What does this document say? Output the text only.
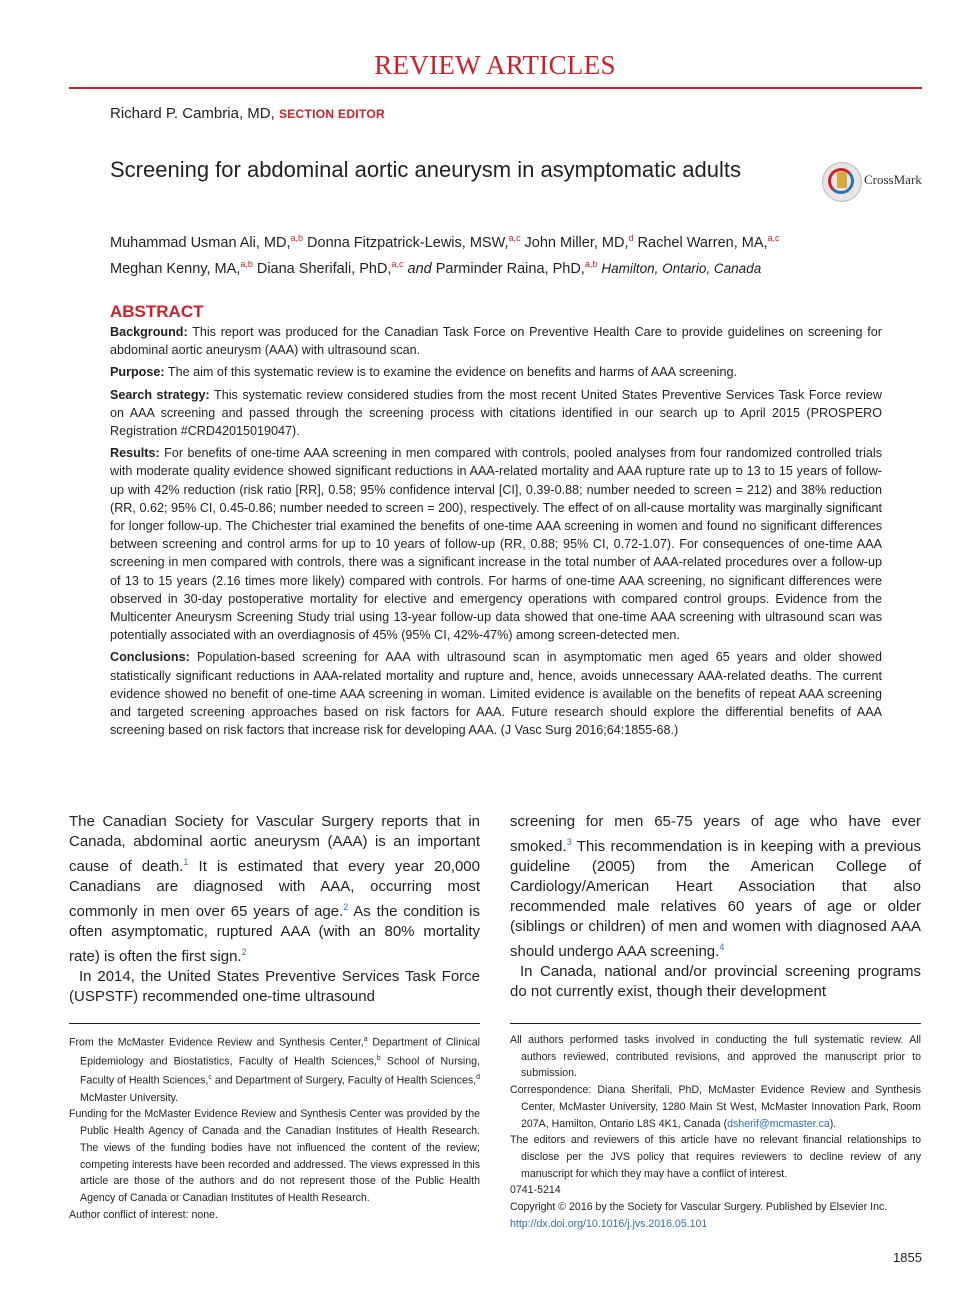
REVIEW ARTICLES
Richard P. Cambria, MD, SECTION EDITOR
Screening for abdominal aortic aneurysm in asymptomatic adults	CrossMark
Muhammad Usman Ali, MD,$^{a,b}$ Donna Fitzpatrick-Lewis, MSW,$^{a,c}$ John Miller, MD,$^d$ Rachel Warren, MA,$^{a,c}$
Meghan Kenny, MA,$^{a,b}$ Diana Sherifali, PhD,$^{a,c}$ and Parminder Raina, PhD,$^{a,b}$ Hamilton, Ontario, Canada
ABSTRACT

Background: This report was produced for the Canadian Task Force on Preventive Health Care to provide guidelines on screening for abdominal aortic aneurysm (AAA) with ultrasound scan.

Purpose: The aim of this systematic review is to examine the evidence on benefits and harms of AAA screening.

Search strategy: This systematic review considered studies from the most recent United States Preventive Services Task Force review on AAA screening and passed through the screening process with citations identified in our search up to April 2015 (PROSPERO Registration #CRD42015019047).

Results: For benefits of one-time AAA screening in men compared with controls, pooled analyses from four randomized controlled trials with moderate quality evidence showed significant reductions in AAA-related mortality and AAA rupture rate up to 13 to 15 years of follow-up with 42% reduction (risk ratio [RR], 0.58; 95% confidence interval [CI], 0.39-0.88; number needed to screen = 212) and 38% reduction (RR, 0.62; 95% CI, 0.45-0.86; number needed to screen = 200), respectively. The effect of on all-cause mortality was marginally significant for longer follow-up. The Chichester trial examined the benefits of one-time AAA screening in women and found no significant differences between screening and control arms for up to 10 years of follow-up (RR, 0.88; 95% CI, 0.72-1.07). For consequences of one-time AAA screening in men compared with controls, there was a significant increase in the total number of AAA-related procedures over a follow-up of 13 to 15 years (2.16 times more likely) compared with controls. For harms of one-time AAA screening, no significant differences were observed in 30-day postoperative mortality for elective and emergency operations with compared control groups. Evidence from the Multicenter Aneurysm Screening Study trial using 13-year follow-up data showed that one-time AAA screening with ultrasound scan was potentially associated with an overdiagnosis of 45% (95% CI, 42%-47%) among screen-detected men.

Conclusions: Population-based screening for AAA with ultrasound scan in asymptomatic men aged 65 years and older showed statistically significant reductions in AAA-related mortality and rupture and, hence, avoids unnecessary AAA-related deaths. The current evidence showed no benefit of one-time AAA screening in woman. Limited evidence is available on the benefits of repeat AAA screening and targeted screening approaches based on risk factors for AAA. Future research should explore the differential benefits of AAA screening based on risk factors that increase risk for developing AAA. (J Vasc Surg 2016;64:1855-68.)

The Canadian Society for Vascular Surgery reports that in Canada, abdominal aortic aneurysm (AAA) is an important cause of death.$^1$ It is estimated that every year 20,000 Canadians are diagnosed with AAA, occurring most commonly in men over 65 years of age.$^2$ As the condition is often asymptomatic, ruptured AAA (with an 80% mortality rate) is often the first sign.$^2$

In 2014, the United States Preventive Services Task Force (USPSTF) recommended one-time ultrasound

screening for men 65-75 years of age who have ever smoked.$^3$ This recommendation is in keeping with a previous guideline (2005) from the American College of Cardiology/American Heart Association that also recommended male relatives 60 years of age or older (siblings or children) of men and women with diagnosed AAA should undergo AAA screening.$^4$

In Canada, national and/or provincial screening programs do not currently exist, though their development

From the McMaster Evidence Review and Synthesis Center,$^a$ Department of Clinical Epidemiology and Biostatistics, Faculty of Health Sciences,$^b$ School of Nursing, Faculty of Health Sciences,$^c$ and Department of Surgery, Faculty of Health Sciences,$^d$ McMaster University.

Funding for the McMaster Evidence Review and Synthesis Center was provided by the Public Health Agency of Canada and the Canadian Institutes of Health Research. The views of the funding bodies have not influenced the content of the review; competing interests have been recorded and addressed. The views expressed in this article are those of the authors and do not represent those of the Public Health Agency of Canada or Canadian Institutes of Health Research.

Author conflict of interest: none.

All authors performed tasks involved in conducting the full systematic review. All authors reviewed, contributed revisions, and approved the manuscript prior to submission.

Correspondence: Diana Sherifali, PhD, McMaster Evidence Review and Synthesis Center, McMaster University, 1280 Main St West, McMaster Innovation Park, Room 207A, Hamilton, Ontario L8S 4K1, Canada (dsherif@mcmaster.ca).

The editors and reviewers of this article have no relevant financial relationships to disclose per the JVS policy that requires reviewers to decline review of any manuscript for which they may have a conflict of interest.

0741-5214

Copyright © 2016 by the Society for Vascular Surgery. Published by Elsevier Inc.

http://dx.doi.org/10.1016/j.jvs.2016.05.101

1855
